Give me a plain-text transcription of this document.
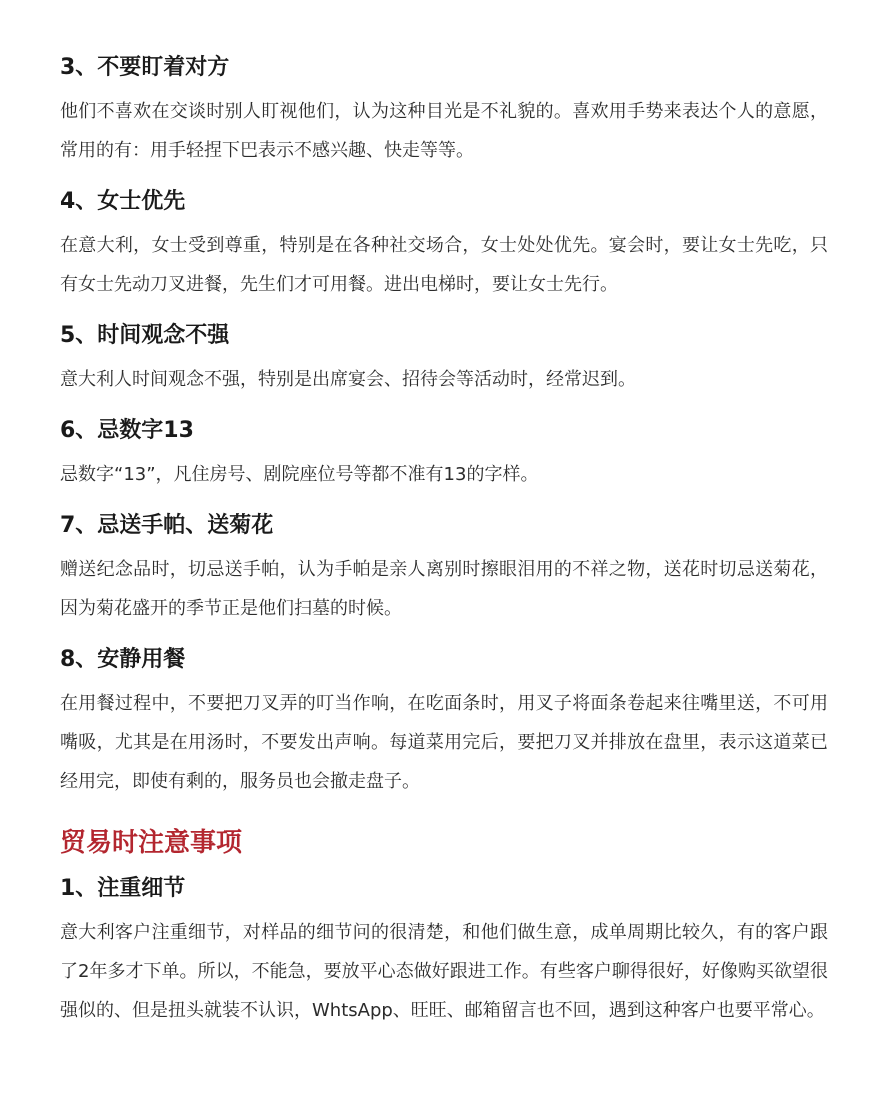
3、不要盯着对方

他们不喜欢在交谈时别人盯视他们，认为这种目光是不礼貌的。喜欢用手势来表达个人的意愿，常用的有：用手轻捏下巴表示不感兴趣、快走等等。

4、女士优先

在意大利，女士受到尊重，特别是在各种社交场合，女士处处优先。宴会时，要让女士先吃，只有女士先动刀叉进餐，先生们才可用餐。进出电梯时，要让女士先行。

5、时间观念不强

意大利人时间观念不强，特别是出席宴会、招待会等活动时，经常迟到。

6、忌数字13

忌数字“13”，凡住房号、剧院座位号等都不准有13的字样。

7、忌送手帕、送菊花

赠送纪念品时，切忌送手帕，认为手帕是亲人离别时擦眼泪用的不祥之物，送花时切忌送菊花，因为菊花盛开的季节正是他们扫墓的时候。

8、安静用餐

在用餐过程中，不要把刀叉弄的叮当作响，在吃面条时，用叉子将面条卷起来往嘴里送，不可用嘴吸，尤其是在用汤时，不要发出声响。每道菜用完后，要把刀叉并排放在盘里，表示这道菜已经用完，即使有剩的，服务员也会撤走盘子。

贸易时注意事项
1、注重细节

意大利客户注重细节，对样品的细节问的很清楚，和他们做生意，成单周期比较久，有的客户跟了2年多才下单。所以，不能急，要放平心态做好跟进工作。有些客户聊得很好，好像购买欲望很强似的、但是扭头就装不认识，WhtsApp、旺旺、邮箱留言也不回，遇到这种客户也要平常心。
